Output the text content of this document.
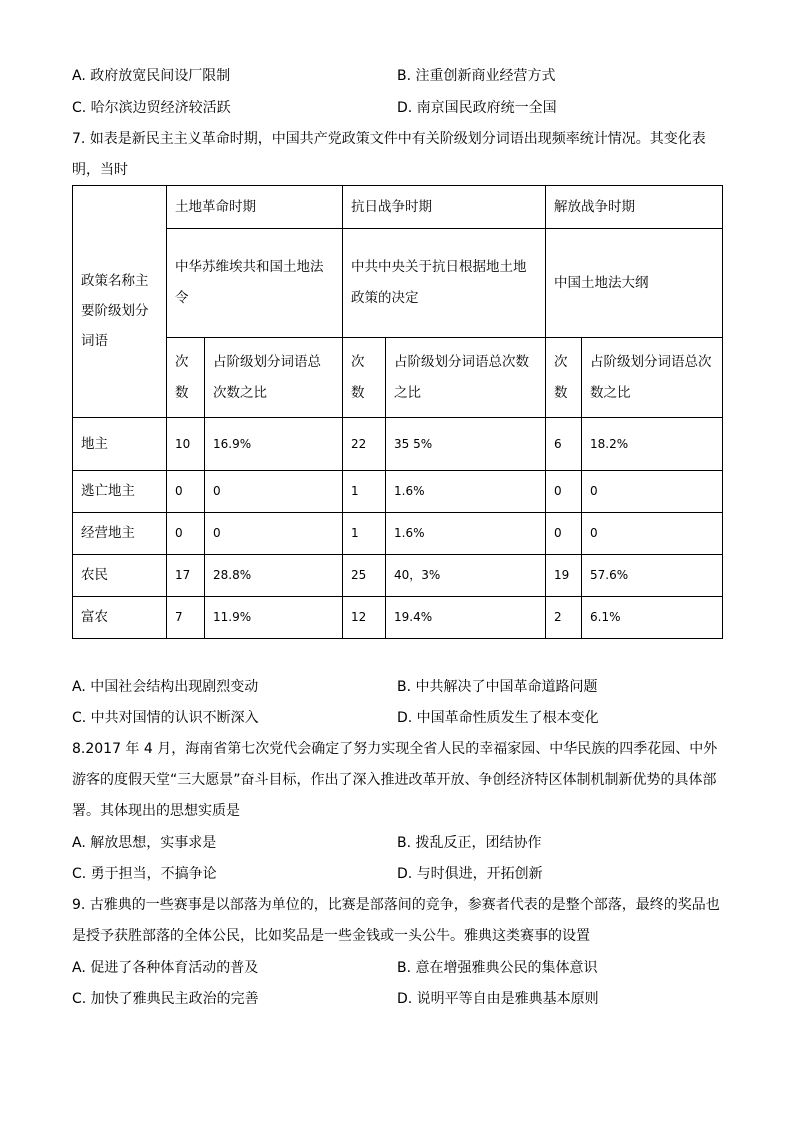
A. 政府放宽民间设厂限制	B. 注重创新商业经营方式
C. 哈尔滨边贸经济较活跃	D. 南京国民政府统一全国
7. 如表是新民主主义革命时期，中国共产党政策文件中有关阶级划分词语出现频率统计情况。其变化表明，当时
政策名称主要阶级划分词语	土地革命时期		抗日战争时期		解放战争时期	
	中华苏维埃共和国土地法令		中共中央关于抗日根据地土地政策的决定		中国土地法大纲	
	次数	占阶级划分词语总次数之比	次数	占阶级划分词语总次数之比	次数	占阶级划分词语总次数之比
地主	10	16.9%	22	35 5%	6	18.2%
逃亡地主	0	0	1	1.6%	0	0
经营地主	0	0	1	1.6%	0	0
农民	17	28.8%	25	40，3%	19	57.6%
富农	7	11.9%	12	19.4%	2	6.1%
A. 中国社会结构出现剧烈变动	B. 中共解决了中国革命道路问题
C. 中共对国情的认识不断深入	D. 中国革命性质发生了根本变化
8.2017 年 4 月，海南省第七次党代会确定了努力实现全省人民的幸福家园、中华民族的四季花园、中外游客的度假天堂“三大愿景”奋斗目标，作出了深入推进改革开放、争创经济特区体制机制新优势的具体部署。其体现出的思想实质是
A. 解放思想，实事求是	B. 拨乱反正，团结协作
C. 勇于担当，不搞争论	D. 与时俱进，开拓创新
9. 古雅典的一些赛事是以部落为单位的，比赛是部落间的竞争，参赛者代表的是整个部落，最终的奖品也是授予获胜部落的全体公民，比如奖品是一些金钱或一头公牛。雅典这类赛事的设置
A. 促进了各种体育活动的普及	B. 意在增强雅典公民的集体意识
C. 加快了雅典民主政治的完善	D. 说明平等自由是雅典基本原则
